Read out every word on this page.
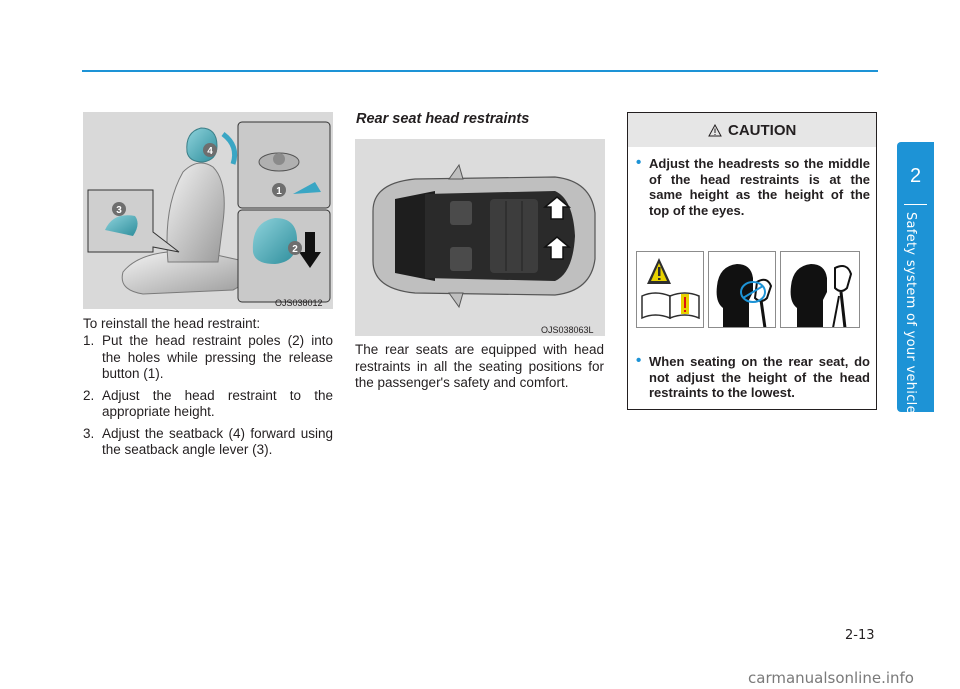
2
Safety system of your vehicle
4
1
3
2
OJS038012
To reinstall the head restraint:
1. Put the head restraint poles (2) into the holes while pressing the release button (1).
2. Adjust the head restraint to the appropriate height.
3. Adjust the seatback (4) forward using the seatback angle lever (3).
Rear seat head restraints
OJS038063L
The rear seats are equipped with head restraints in all the seating positions for the passenger's safety and comfort.
CAUTION
• Adjust the headrests so the middle of the head restraints is at the same height as the height of the top of the eyes.
• When seating on the rear seat, do not adjust the height of the head restraints to the lowest.
2-13
carmanualsonline.info
